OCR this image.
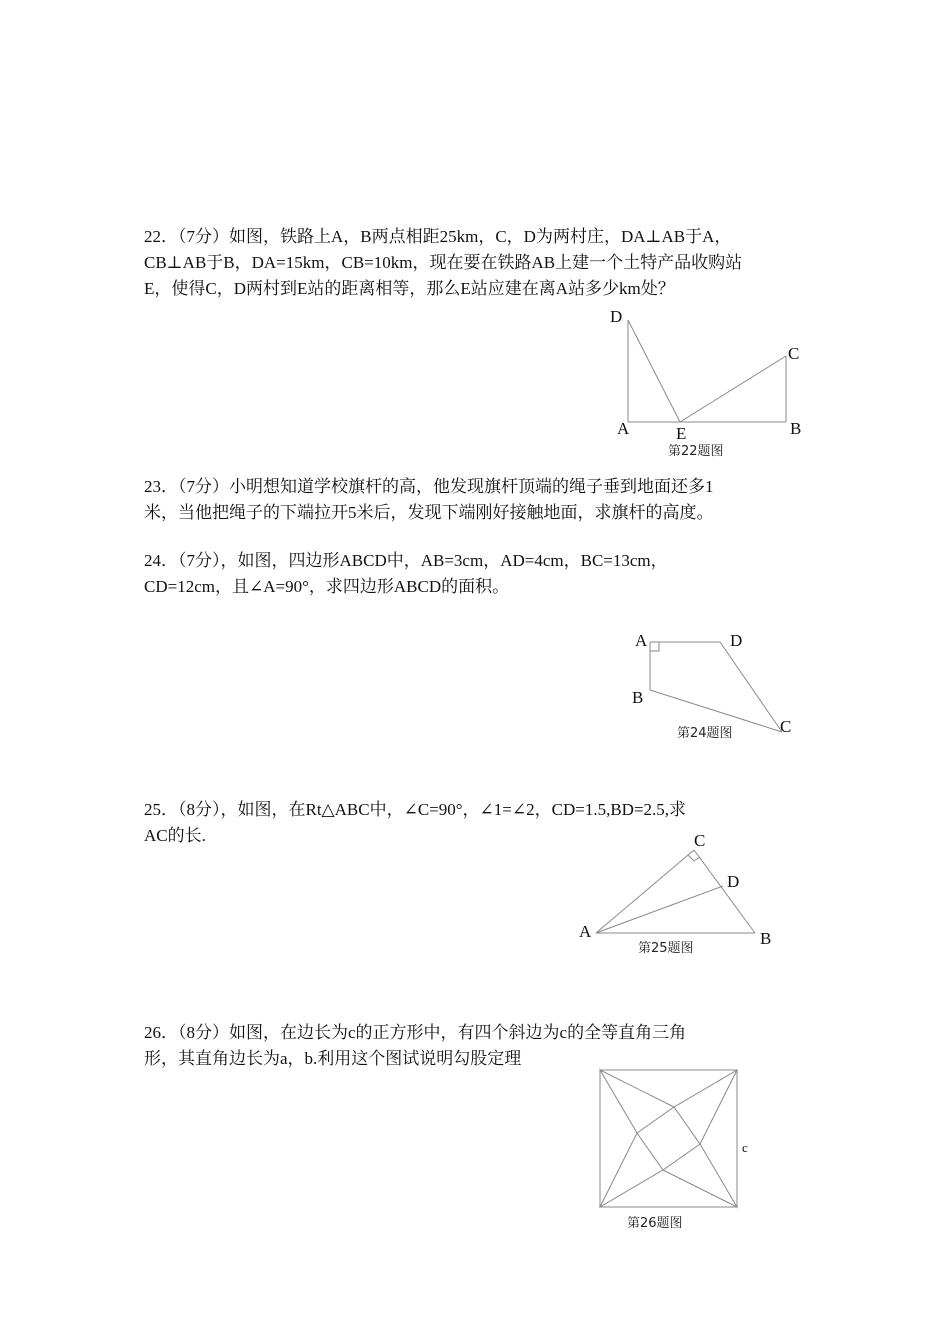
22．（7分）如图，铁路上A，B两点相距25km，C，D为两村庄，DA⊥AB于A，

CB⊥AB于B，DA=15km，CB=10km，现在要在铁路AB上建一个土特产品收购站

E，使得C，D两村到E站的距离相等，那么E站应建在离A站多少km处？

D
C
A	E	B
第22题图

23．（7分）小明想知道学校旗杆的高，他发现旗杆顶端的绳子垂到地面还多1

米，当他把绳子的下端拉开5米后，发现下端刚好接触地面，求旗杆的高度。

24．（7分），如图，四边形ABCD中，AB=3cm，AD=4cm，BC=13cm，

CD=12cm，且∠A=90°，求四边形ABCD的面积。

A	D
B
C
第24题图

25．（8分），如图，在Rt△ABC中，∠C=90°，∠1=∠2，CD=1.5,BD=2.5,求

AC的长.	C
D
A	B
第25题图

26．（8分）如图，在边长为c的正方形中，有四个斜边为c的全等直角三角

形，其直角边长为a，b.利用这个图试说明勾股定理

c
第26题图
